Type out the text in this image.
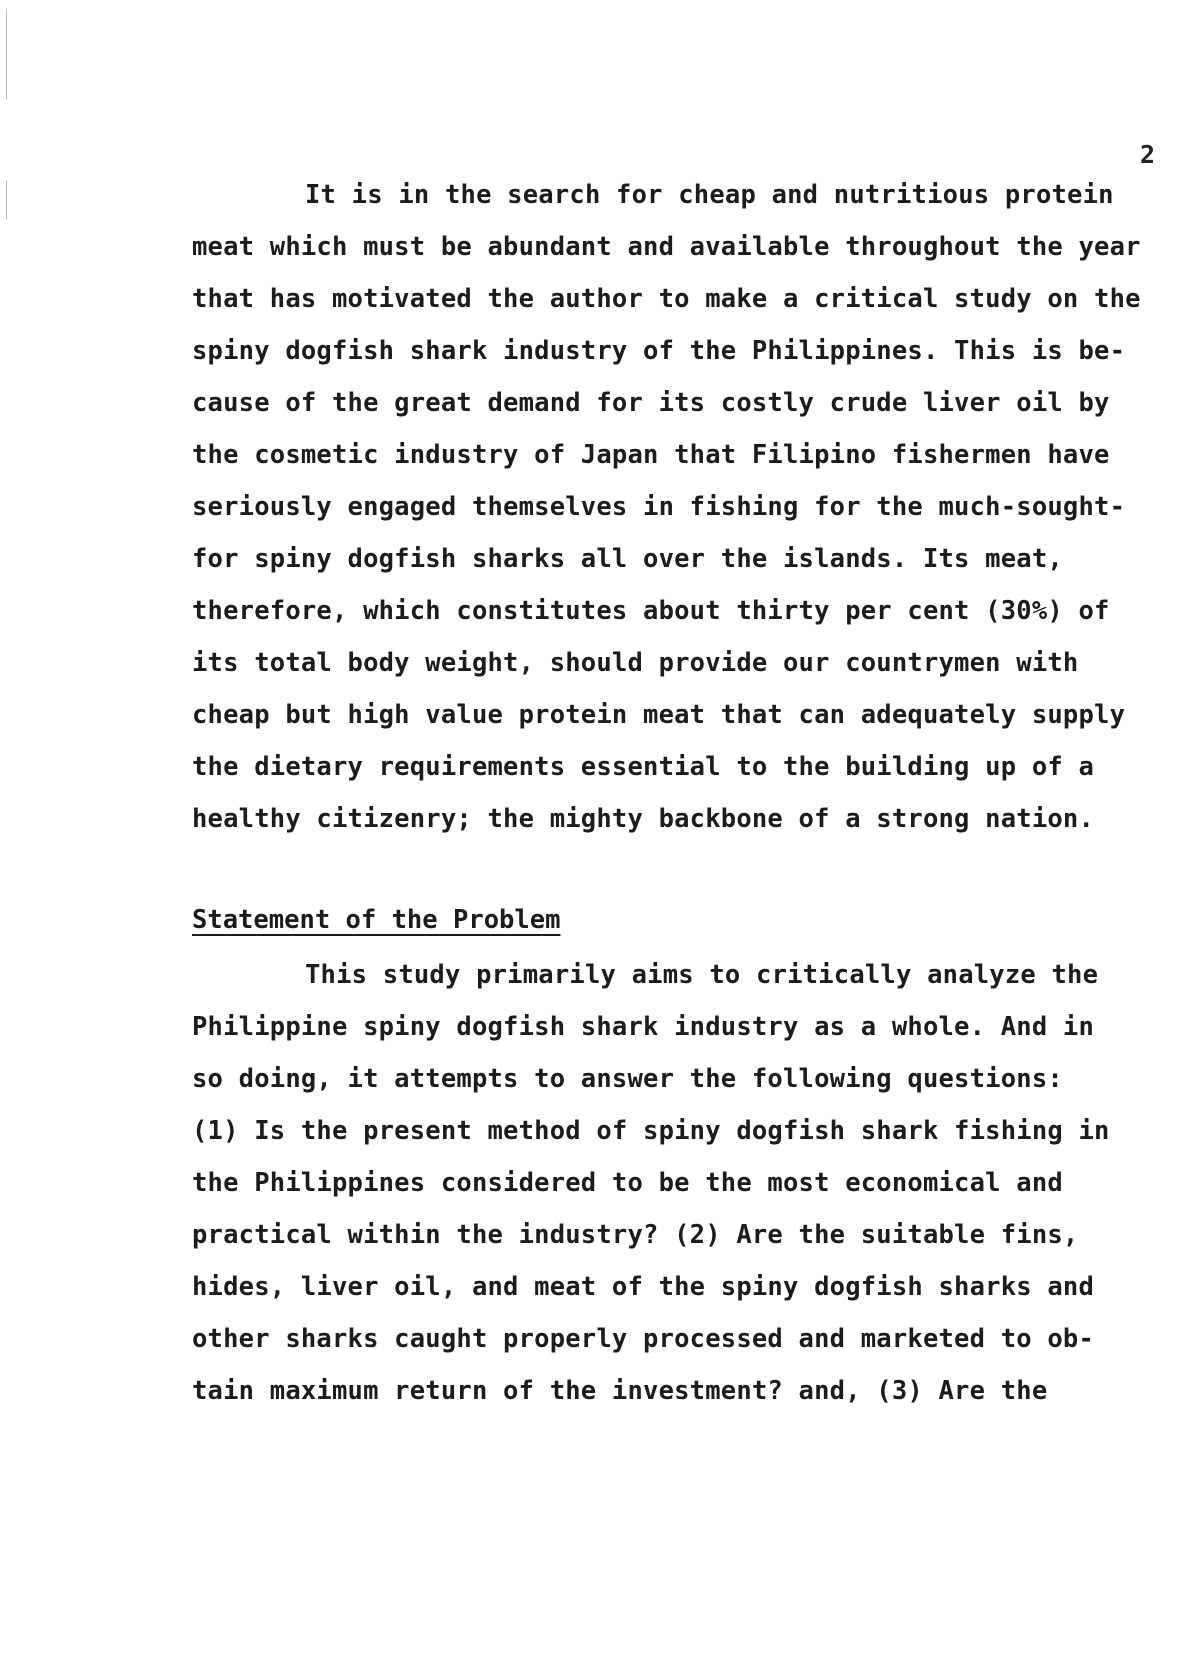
2
It is in the search for cheap and nutritious protein
meat which must be abundant and available throughout the year
that has motivated the author to make a critical study on the
spiny dogfish shark industry of the Philippines. This is be-
cause of the great demand for its costly crude liver oil by
the cosmetic industry of Japan that Filipino fishermen have
seriously engaged themselves in fishing for the much-sought-
for spiny dogfish sharks all over the islands. Its meat,
therefore, which constitutes about thirty per cent (30%) of
its total body weight, should provide our countrymen with
cheap but high value protein meat that can adequately supply
the dietary requirements essential to the building up of a
healthy citizenry; the mighty backbone of a strong nation.
Statement of the Problem
This study primarily aims to critically analyze the
Philippine spiny dogfish shark industry as a whole. And in
so doing, it attempts to answer the following questions:
(1) Is the present method of spiny dogfish shark fishing in
the Philippines considered to be the most economical and
practical within the industry? (2) Are the suitable fins,
hides, liver oil, and meat of the spiny dogfish sharks and
other sharks caught properly processed and marketed to ob-
tain maximum return of the investment? and, (3) Are the
